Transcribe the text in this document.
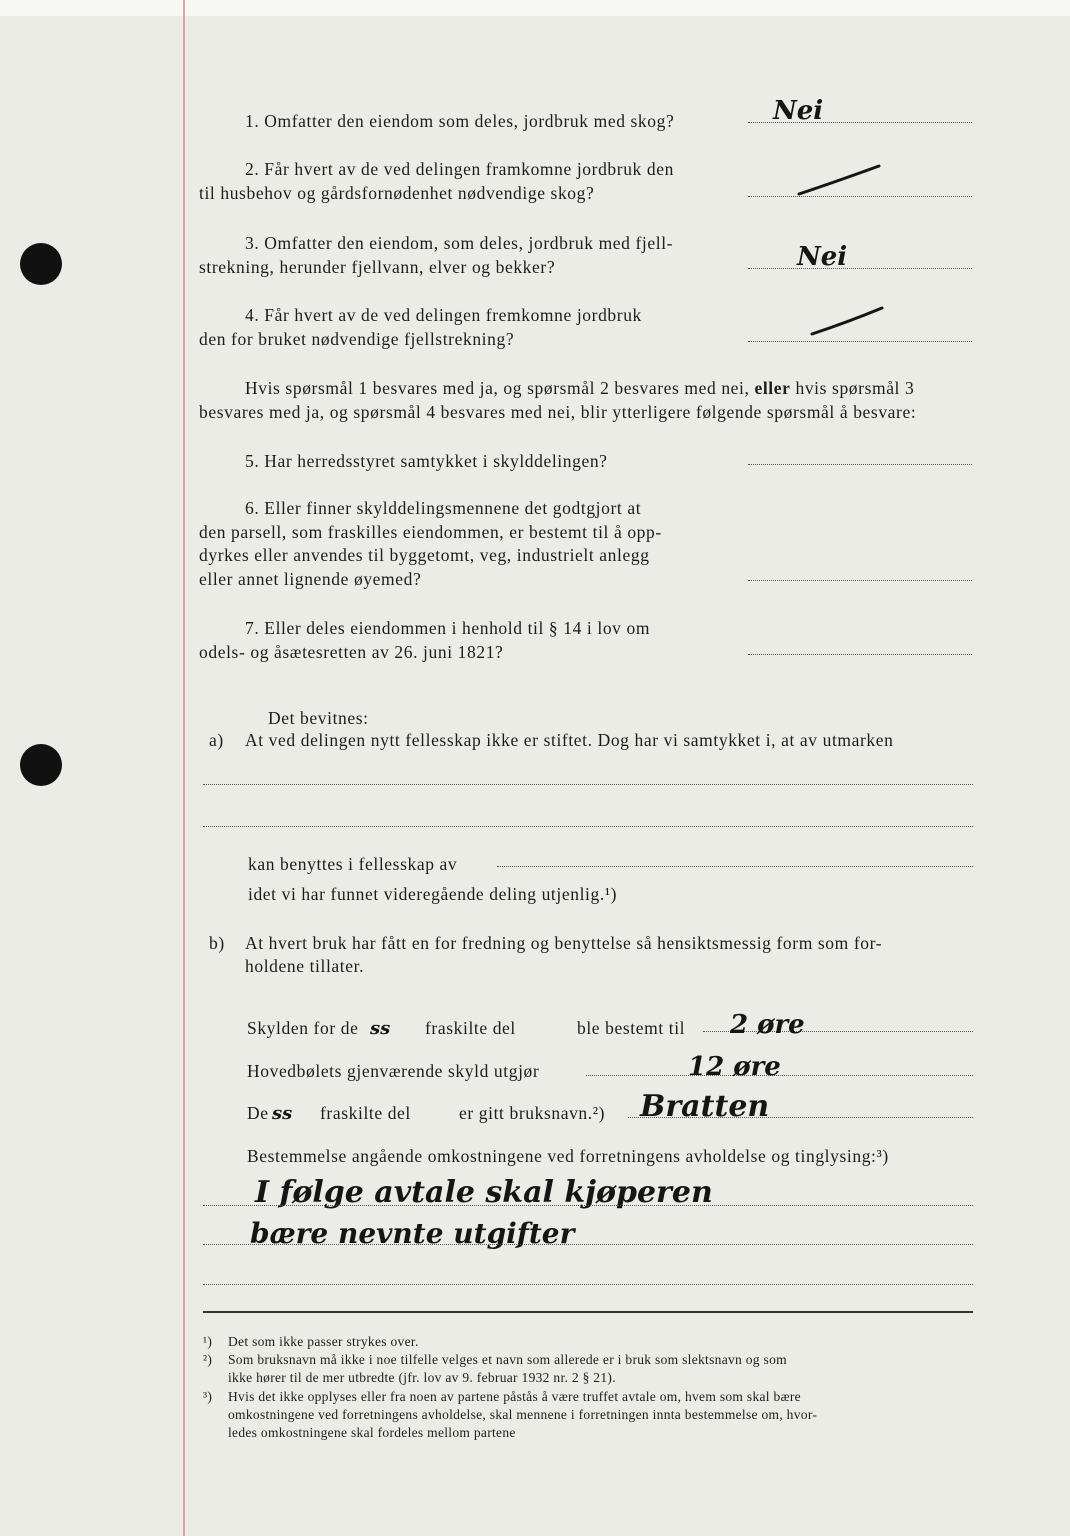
1. Omfatter den eiendom som deles, jordbruk med skog?	Nei
2. Får hvert av de ved delingen framkomne jordbruk den
til husbehov og gårdsfornødenhet nødvendige skog?
3. Omfatter den eiendom, som deles, jordbruk med fjell-
strekning, herunder fjellvann, elver og bekker?	Nei
4. Får hvert av de ved delingen fremkomne jordbruk
den for bruket nødvendige fjellstrekning?
Hvis spørsmål 1 besvares med ja, og spørsmål 2 besvares med nei, eller hvis spørsmål 3
besvares med ja, og spørsmål 4 besvares med nei, blir ytterligere følgende spørsmål å besvare:
5. Har herredsstyret samtykket i skylddelingen?
6. Eller finner skylddelingsmennene det godtgjort at
den parsell, som fraskilles eiendommen, er bestemt til å opp-
dyrkes eller anvendes til byggetomt, veg, industrielt anlegg
eller annet lignende øyemed?
7. Eller deles eiendommen i henhold til § 14 i lov om
odels- og åsætesretten av 26. juni 1821?
Det bevitnes:
a) At ved delingen nytt fellesskap ikke er stiftet. Dog har vi samtykket i, at av utmarken
kan benyttes i fellesskap av
idet vi har funnet videregående deling utjenlig.¹)
b) At hvert bruk har fått en for fredning og benyttelse så hensiktsmessig form som for-
holdene tillater.
Skylden for de ss fraskilte del	ble bestemt til 2 øre
Hovedbølets gjenværende skyld utgjør	12 øre
De ss fraskilte del	er gitt bruksnavn.²) Bratten
Bestemmelse angående omkostningene ved forretningens avholdelse og tinglysing:³)
I følge avtale skal kjøperen
bære nevnte utgifter
¹) Det som ikke passer strykes over.
²) Som bruksnavn må ikke i noe tilfelle velges et navn som allerede er i bruk som slektsnavn og som
ikke hører til de mer utbredte (jfr. lov av 9. februar 1932 nr. 2 § 21).
³) Hvis det ikke opplyses eller fra noen av partene påstås å være truffet avtale om, hvem som skal bære
omkostningene ved forretningens avholdelse, skal mennene i forretningen innta bestemmelse om, hvor-
ledes omkostningene skal fordeles mellom partene
